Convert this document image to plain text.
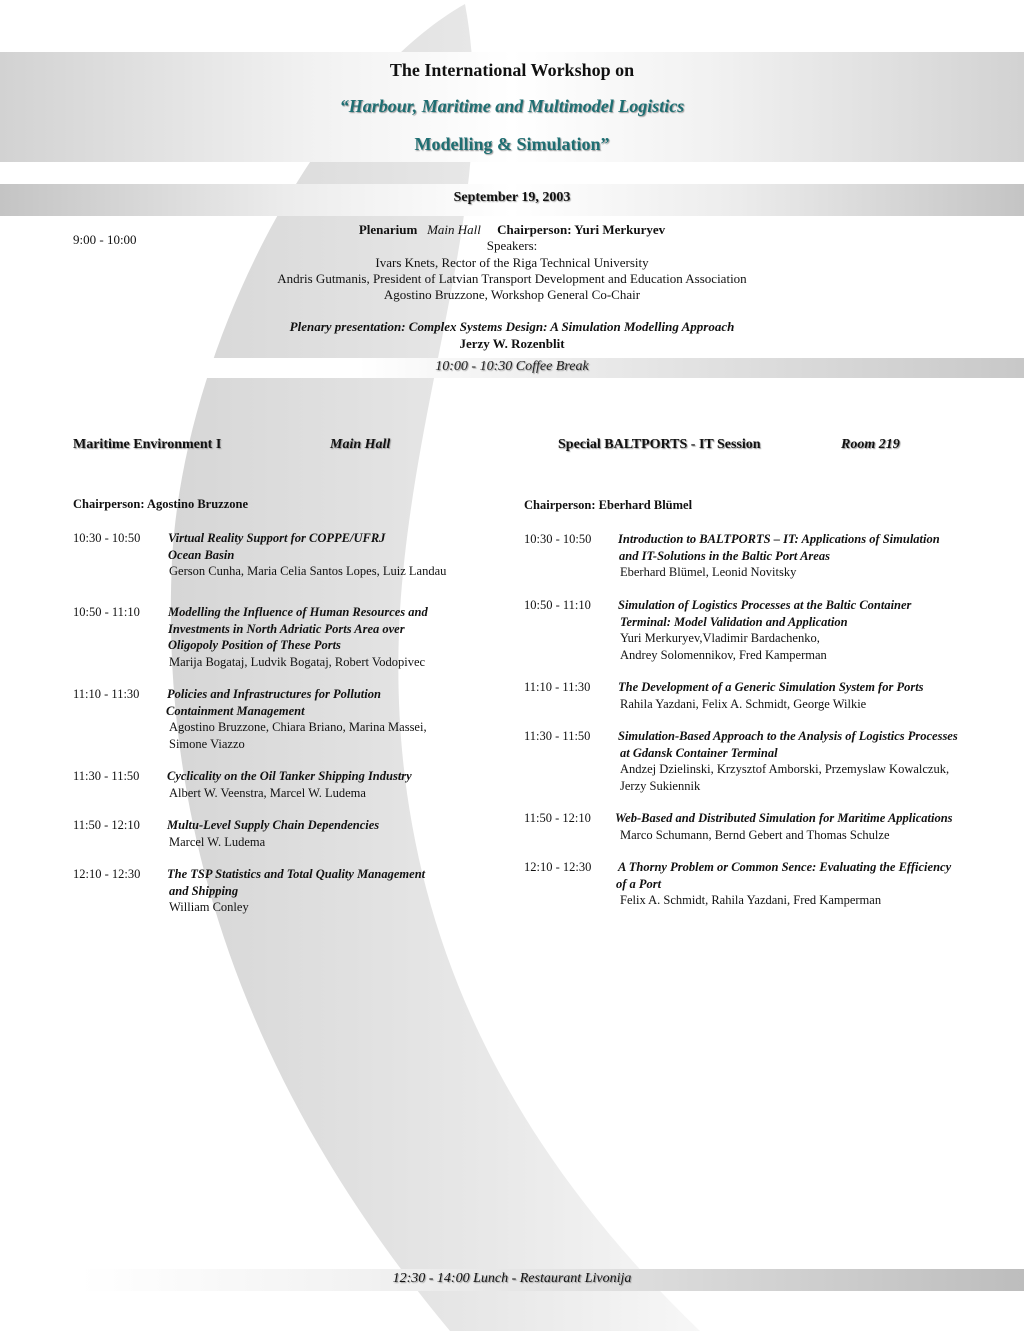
The International Workshop on
“Harbour, Maritime and Multimodel Logistics
Modelling & Simulation”
September 19, 2003
9:00 - 10:00
Plenarium Main Hall Chairperson: Yuri Merkuryev
Speakers:
Ivars Knets, Rector of the Riga Technical University
Andris Gutmanis, President of Latvian Transport Development and Education Association
Agostino Bruzzone, Workshop General Co-Chair
Plenary presentation: Complex Systems Design: A Simulation Modelling Approach
Jerzy W. Rozenblit
10:00 - 10:30 Coffee Break
Maritime Environment I	Main Hall	Special BALTPORTS - IT Session	Room 219
Chairperson: Agostino Bruzzone	Chairperson: Eberhard Blümel
10:30 - 10:50 Virtual Reality Support for COPPE/UFRJ
Ocean Basin
Gerson Cunha, Maria Celia Santos Lopes, Luiz Landau
10:50 - 11:10 Modelling the Influence of Human Resources and
Investments in North Adriatic Ports Area over
Oligopoly Position of These Ports
Marija Bogataj, Ludvik Bogataj, Robert Vodopivec
11:10 - 11:30 Policies and Infrastructures for Pollution
Containment Management
Agostino Bruzzone, Chiara Briano, Marina Massei,
Simone Viazzo
11:30 - 11:50 Cyclicality on the Oil Tanker Shipping Industry
Albert W. Veenstra, Marcel W. Ludema
11:50 - 12:10 Multu-Level Supply Chain Dependencies
Marcel W. Ludema
12:10 - 12:30 The TSP Statistics and Total Quality Management
and Shipping
William Conley
10:30 - 10:50 Introduction to BALTPORTS – IT: Applications of Simulation
and IT-Solutions in the Baltic Port Areas
Eberhard Blümel, Leonid Novitsky
10:50 - 11:10 Simulation of Logistics Processes at the Baltic Container
Terminal: Model Validation and Application
Yuri Merkuryev,Vladimir Bardachenko,
Andrey Solomennikov, Fred Kamperman
11:10 - 11:30 The Development of a Generic Simulation System for Ports
Rahila Yazdani, Felix A. Schmidt, George Wilkie
11:30 - 11:50 Simulation-Based Approach to the Analysis of Logistics Processes
at Gdansk Container Terminal
Andzej Dzielinski, Krzysztof Amborski, Przemyslaw Kowalczuk,
Jerzy Sukiennik
11:50 - 12:10 Web-Based and Distributed Simulation for Maritime Applications
Marco Schumann, Bernd Gebert and Thomas Schulze
12:10 - 12:30 A Thorny Problem or Common Sence: Evaluating the Efficiency
of a Port
Felix A. Schmidt, Rahila Yazdani, Fred Kamperman
12:30 - 14:00 Lunch - Restaurant Livonija
